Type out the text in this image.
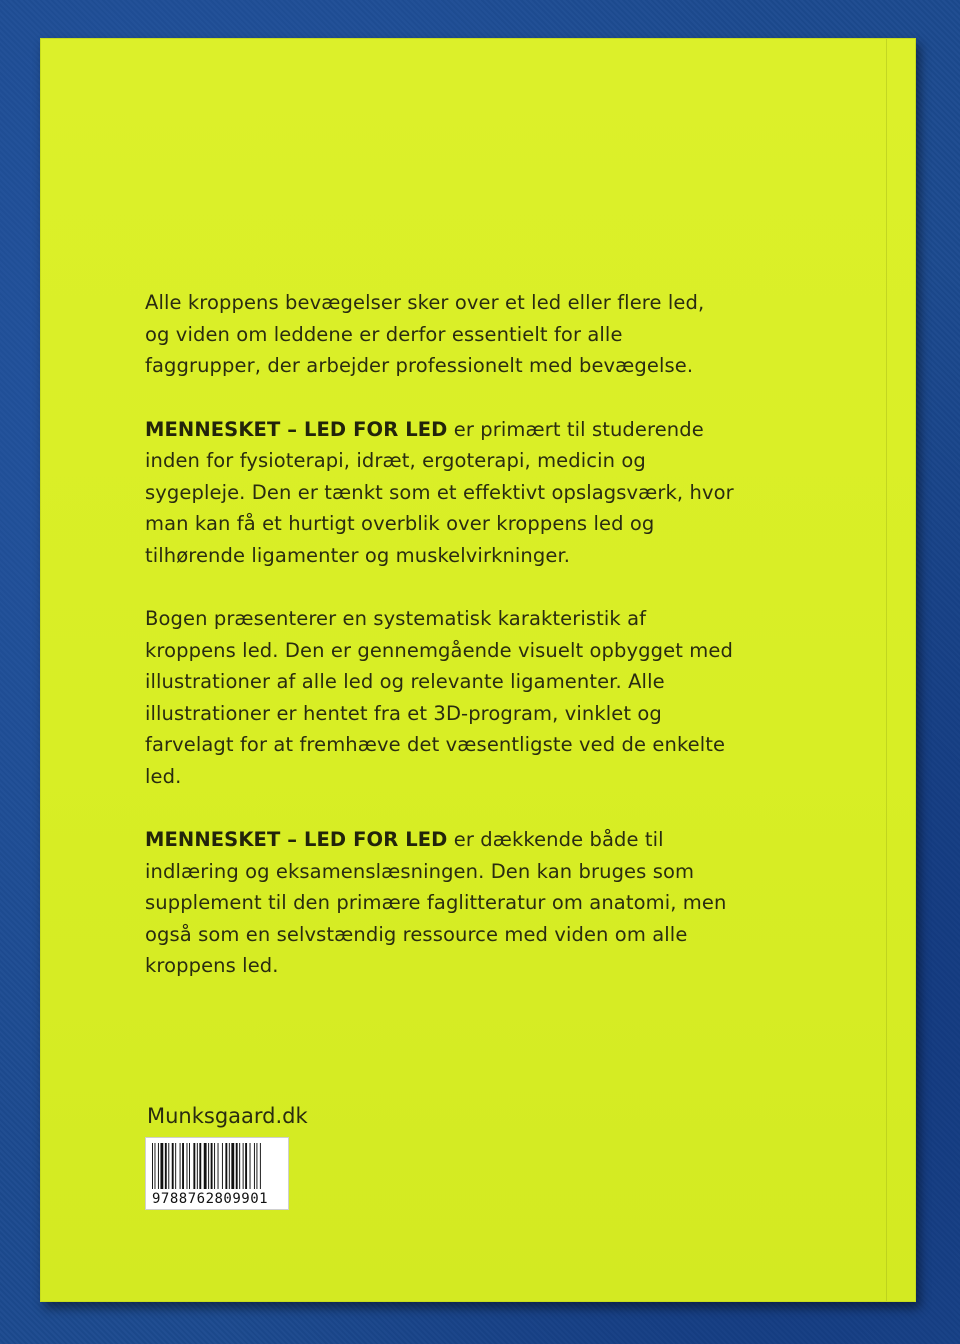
Alle kroppens bevægelser sker over et led eller flere led, og viden om leddene er derfor essentielt for alle faggrupper, der arbejder professionelt med bevægelse.

MENNESKET – LED FOR LED er primært til studerende inden for fysioterapi, idræt, ergoterapi, medicin og sygepleje. Den er tænkt som et effektivt opslagsværk, hvor man kan få et hurtigt overblik over kroppens led og tilhørende ligamenter og muskelvirkninger.

Bogen præsenterer en systematisk karakteristik af kroppens led. Den er gennemgående visuelt opbygget med illustrationer af alle led og relevante ligamenter. Alle illustrationer er hentet fra et 3D-program, vinklet og farvelagt for at fremhæve det væsentligste ved de enkelte led.

MENNESKET – LED FOR LED er dækkende både til indlæring og eksamenslæsningen. Den kan bruges som supplement til den primære faglitteratur om anatomi, men også som en selvstændig ressource med viden om alle kroppens led.

Munksgaard.dk
9788762809901
